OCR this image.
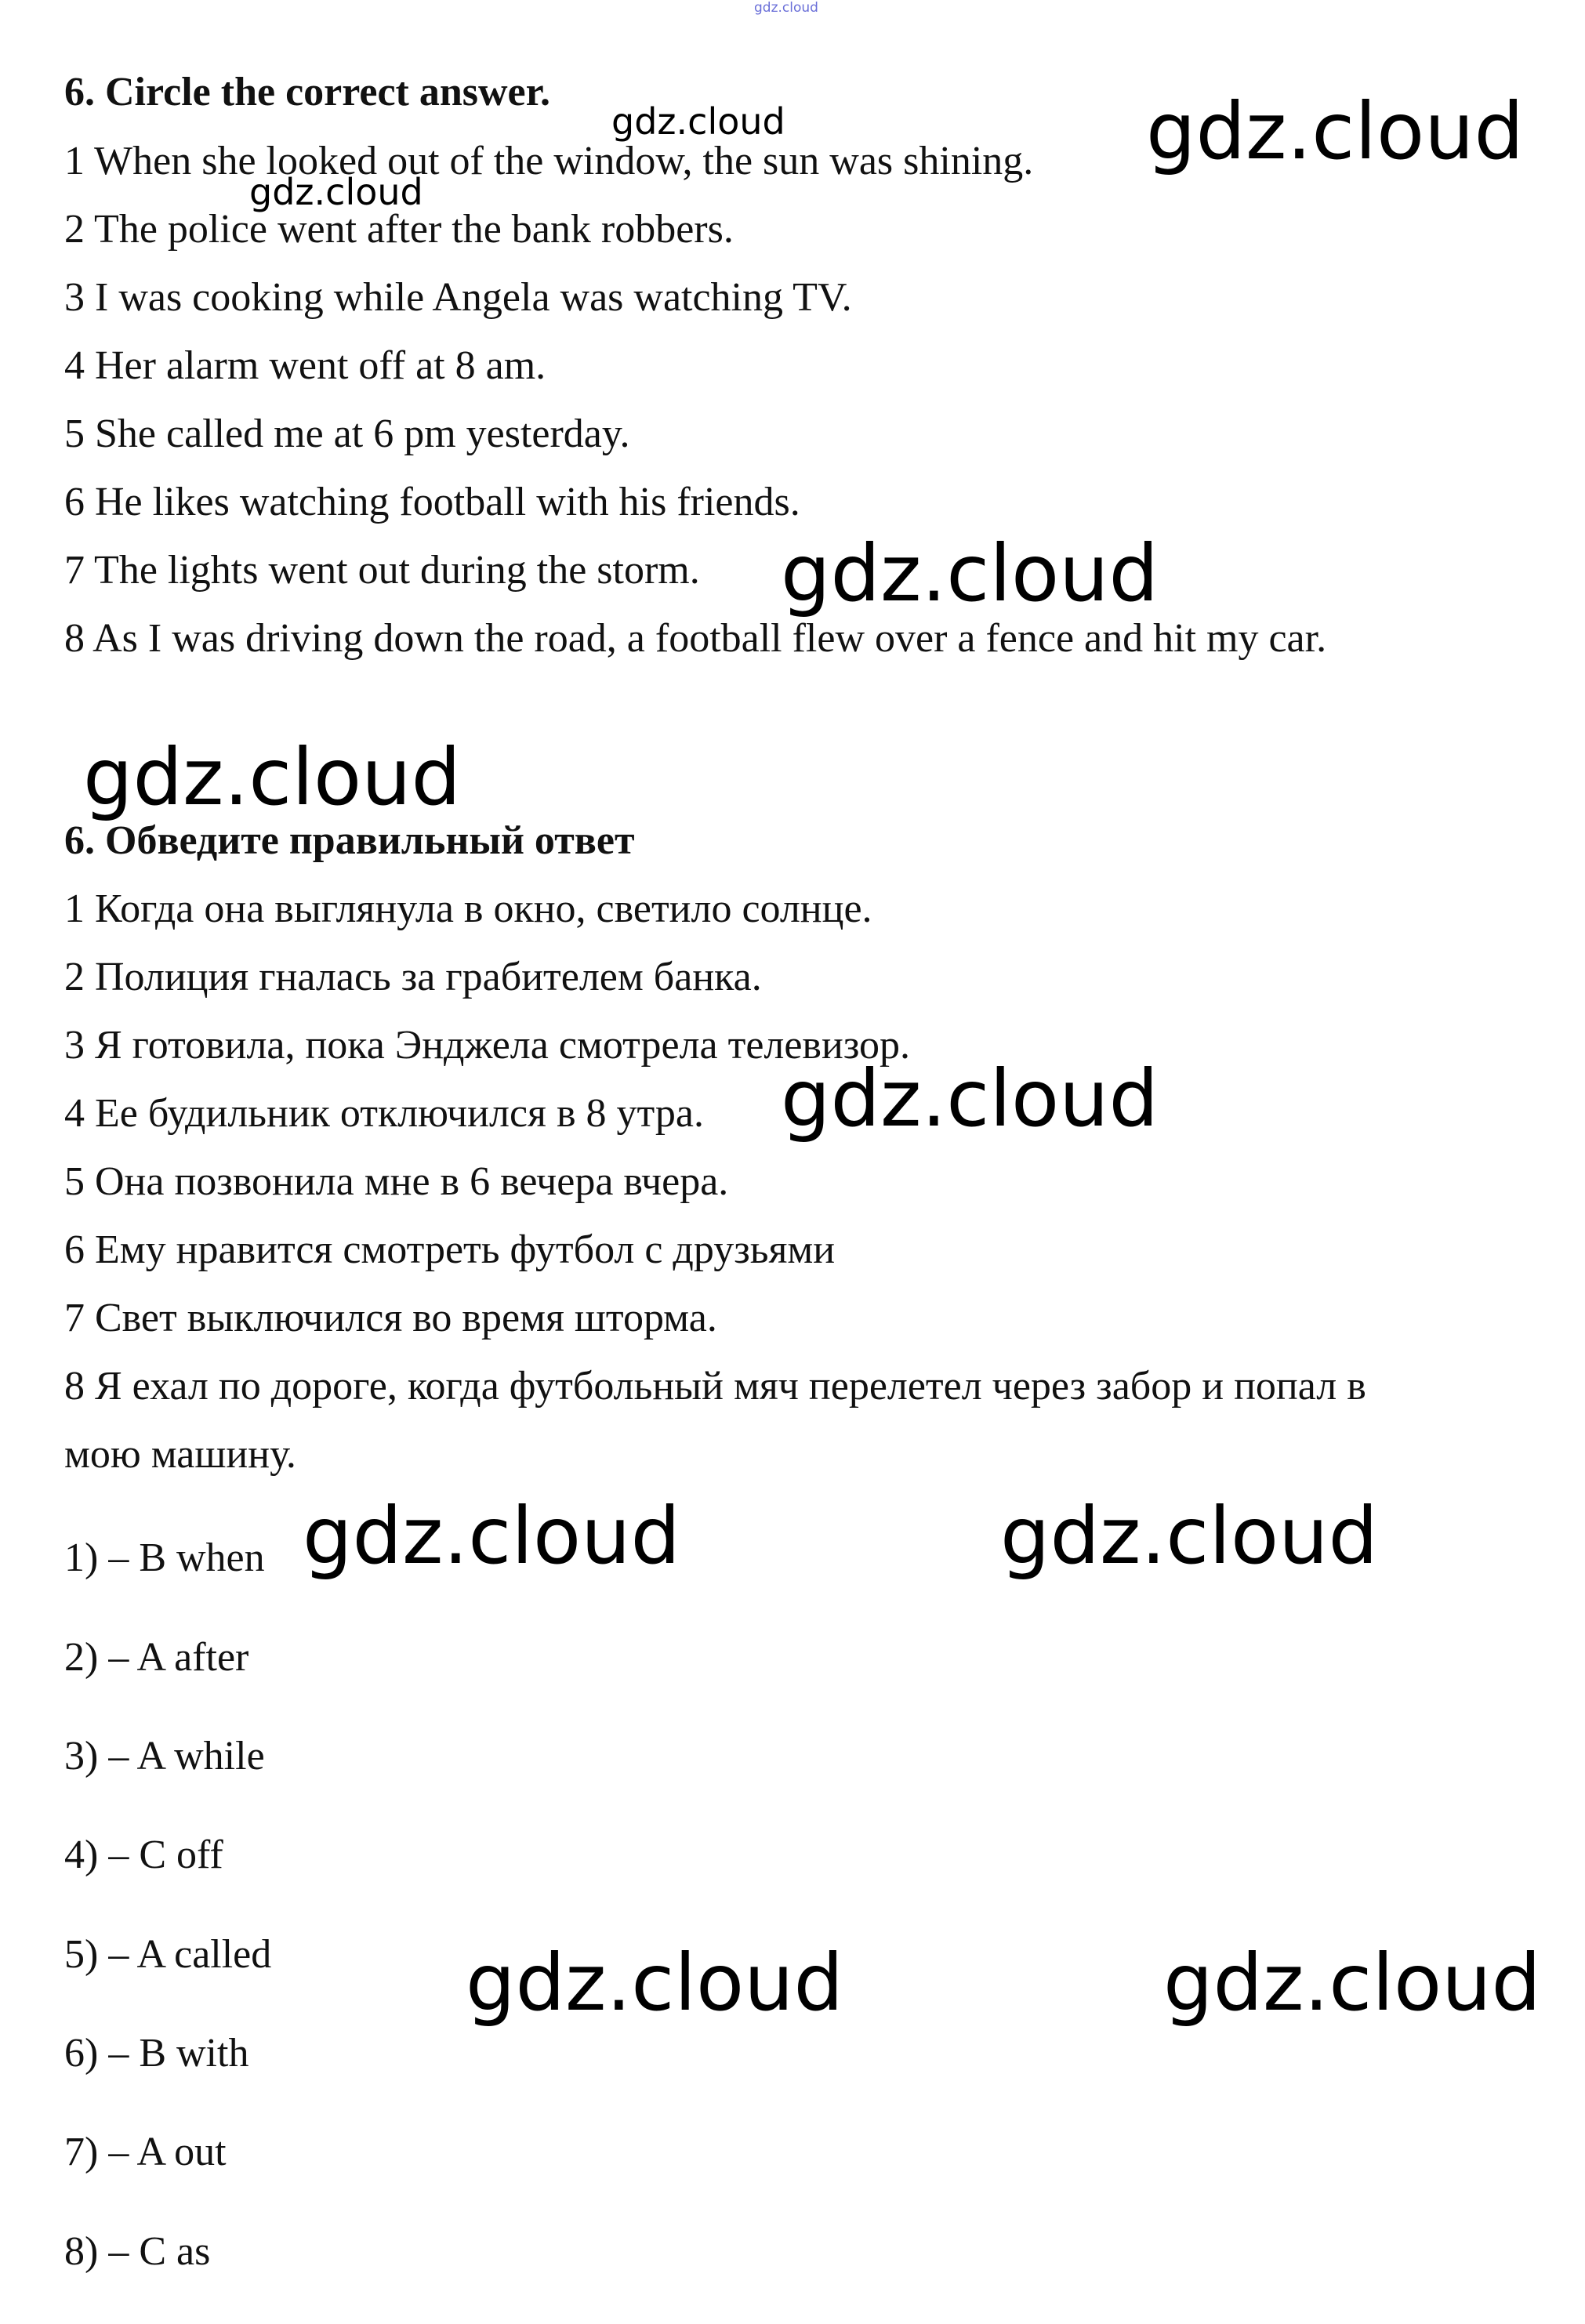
gdz.cloud
6. Circle the correct answer.
1 When she looked out of the window, the sun was shining.
2 The police went after the bank robbers.
3 I was cooking while Angela was watching TV.
4 Her alarm went off at 8 am.
5 She called me at 6 pm yesterday.
6 He likes watching football with his friends.
7 The lights went out during the storm.
8 As I was driving down the road, a football flew over a fence and hit my car.
6. Обведите правильный ответ
1 Когда она выглянула в окно, светило солнце.
2 Полиция гналась за грабителем банка.
3 Я готовила, пока Энджела смотрела телевизор.
4 Ее будильник отключился в 8 утра.
5 Она позвонила мне в 6 вечера вчера.
6 Ему нравится смотреть футбол с друзьями
7 Свет выключился во время шторма.
8 Я ехал по дороге, когда футбольный мяч перелетел через забор и попал в
мою машину.
1) – B when
2) – A after
3) – A while
4) – C off
5) – A called
6) – B with
7) – A out
8) – C as
gdz.cloud
gdz.cloud
gdz.cloud
gdz.cloud
gdz.cloud
gdz.cloud
gdz.cloud	gdz.cloud
gdz.cloud	gdz.cloud
